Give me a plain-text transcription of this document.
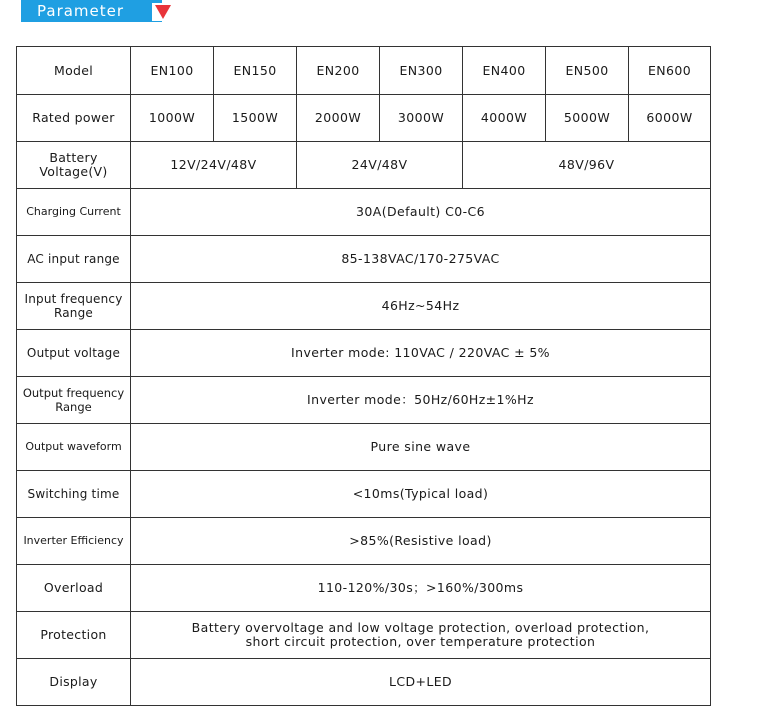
Parameter
Model	EN100	EN150	EN200	EN300	EN400	EN500	EN600
Rated power	1000W	1500W	2000W	3000W	4000W	5000W	6000W

Battery
Voltage(V)	12V/24V/48V		24V/48V		48V/96V		
Charging Current	30A(Default) C0-C6						
AC input range	85-138VAC/170-275VAC						

Input frequency
Range	46Hz~54Hz						
Output voltage	Inverter mode: 110VAC / 220VAC ± 5%						

Output frequency
Range	Inverter mode：50Hz/60Hz±1%Hz						
Output waveform	Pure sine wave						
Switching time	<10ms(Typical load)						
Inverter Efficiency	>85%(Resistive load)						
Overload	110-120%/30s；>160%/300ms						
Protection	Battery overvoltage and low voltage protection, overload protection,
short circuit protection, over temperature protection						

Display	LCD+LED						
